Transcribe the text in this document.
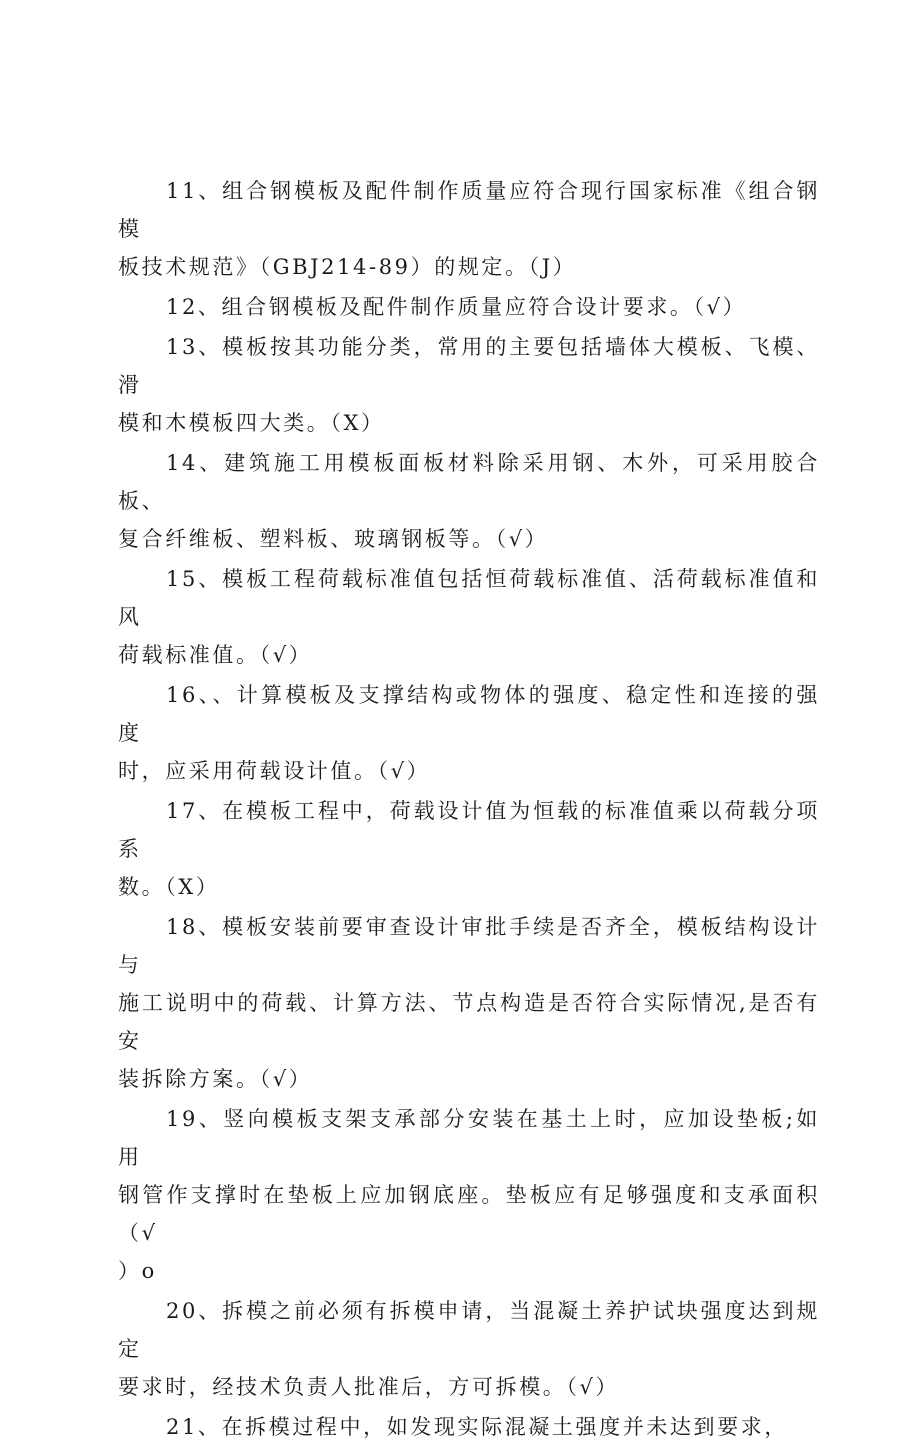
11、组合钢模板及配件制作质量应符合现行国家标准《组合钢模
板技术规范》（GBJ214-89）的规定。（J）

12、组合钢模板及配件制作质量应符合设计要求。（√）

13、模板按其功能分类，常用的主要包括墙体大模板、飞模、滑
模和木模板四大类。（X）

14、建筑施工用模板面板材料除采用钢、木外，可采用胶合板、
复合纤维板、塑料板、玻璃钢板等。（√）

15、模板工程荷载标准值包括恒荷载标准值、活荷载标准值和风
荷载标准值。（√）

16、、计算模板及支撑结构或物体的强度、稳定性和连接的强度
时，应采用荷载设计值。（√）

17、在模板工程中，荷载设计值为恒载的标准值乘以荷载分项系
数。（X）

18、模板安装前要审查设计审批手续是否齐全，模板结构设计与
施工说明中的荷载、计算方法、节点构造是否符合实际情况,是否有安
装拆除方案。（√）

19、竖向模板支架支承部分安装在基土上时，应加设垫板;如用
钢管作支撑时在垫板上应加钢底座。垫板应有足够强度和支承面积（√
）o

20、拆模之前必须有拆模申请，当混凝土养护试块强度达到规定
要求时，经技术负责人批准后，方可拆模。（√）

21、在拆模过程中，如发现实际混凝土强度并未达到要求，
